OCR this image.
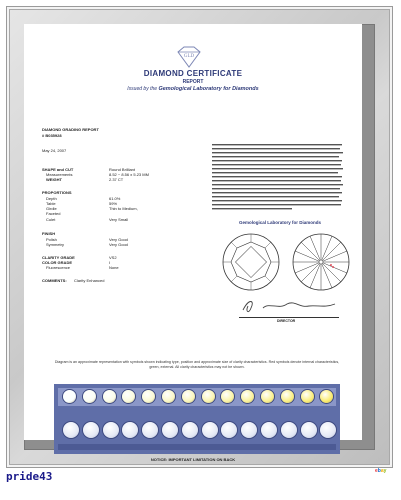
GLD
DIAMOND CERTIFICATE
REPORT
Issued by the Gemological Laboratory for Diamonds
DIAMOND GRADING REPORT
# B035928
May 24, 2007
SHAPE and CUT	Round Brilliant
Measurements	8.52 ~ 8.56 x 5.23 MM
WEIGHT	2.37 CT
PROPORTIONS
Depth	61.0%
Table	59%
Girdle	Thin to Medium,
Faceted
Culet	Very Small
FINISH
Polish	Very Good
Symmetry	Very Good
CLARITY GRADE	VS2
COLOR GRADE	I
Fluorescence	None
COMMENTS: Clarity Enhanced
Gemological Laboratory for Diamonds
DIRECTOR
Diagram is an approximate representation with symbols shown indicating type, position and approximate size of clarity characteristics. Red symbols denote internal characteristics, green, external. All clarity characteristics may not be shown.
NOTICE: IMPORTANT LIMITATION ON BACK
pride43	ebay
